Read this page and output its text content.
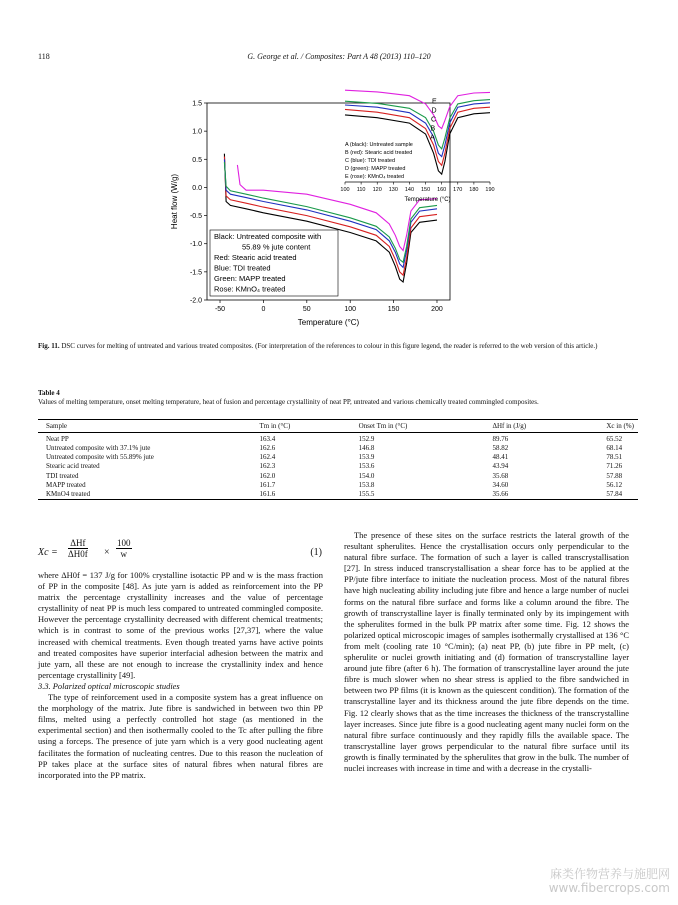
118	G. George et al. / Composites: Part A 48 (2013) 110–120
-50	0	50	100	150	200
-2.0
-1.5
-1.0
-0.5
0.0
0.5
1.0
1.5
Temperature (°C)
Heat flow (W/g)
Black: Untreated composite with
55.89 % jute content
Red: Stearic acid treated
Blue: TDI treated
Green: MAPP treated
Rose: KMnO₄ treated
100 110 120 130 140 150 160 170 180 190
Temperature (°C)
E
D
C
B
A
A (black): Untreated sample
B (red): Stearic acid treated
C (blue): TDI treated
D (green): MAPP treated
E (rose): KMnO₄ treated
Fig. 11. DSC curves for melting of untreated and various treated composites. (For interpretation of the references to colour in this figure legend, the reader is referred to the web version of this article.)
Table 4
Values of melting temperature, onset melting temperature, heat of fusion and percentage crystallinity of neat PP, untreated and various chemically treated commingled composites.
Sample	Tm in (°C)	Onset Tm in (°C)	ΔHf in (J/g)	Xc in (%)
Neat PP	163.4	152.9	89.76	65.52
Untreated composite with 37.1% jute	162.6	146.8	58.82	68.14
Untreated composite with 55.89% jute	162.4	153.9	48.41	78.51
Stearic acid treated	162.3	153.6	43.94	71.26
TDI treated	162.0	154.0	35.68	57.88
MAPP treated	161.7	153.8	34.60	56.12
KMnO4 treated	161.6	155.5	35.66	57.84
Xc =
ΔHf
$\Delta H0f \times \frac{100}{w}$	(1)

where ΔH0f = 137 J/g for 100% crystalline isotactic PP and w is the mass fraction of PP in the composite [48]. As jute yarn is added as reinforcement into the PP matrix the percentage crystallinity increases and the value of percentage crystallinity of neat PP is much less compared to untreated commingled composite. However the percentage crystallinity decreased with different chemical treatments; which is in contrast to some of the previous works [27,37], where the value increased with chemical treatments. Even though treated yarns have active points and treated composites have superior interfacial adhesion between the matrix and jute yarn, all these are not enough to increase the crystallinity index and hence percentage crystallinity [49].

3.3. Polarized optical microscopic studies

The type of reinforcement used in a composite system has a great influence on the morphology of the matrix. Jute fibre is sandwiched in between two thin PP films, melted using a perfectly controlled hot stage (as mentioned in the experimental section) and then isothermally cooled to the Tc after pulling the fibre using a forceps. The presence of jute yarn which is a very good nucleating agent facilitates the formation of nucleating centres. Due to this reason the nucleation of PP takes place at the surface sites of natural fibres when natural fibres are incorporated into the PP matrix.

The presence of these sites on the surface restricts the lateral growth of the resultant spherulites. Hence the crystallisation occurs only perpendicular to the natural fibre surface. The formation of such a layer is called transcrystallisation [27]. In stress induced transcrystallisation a shear force has to be applied at the PP/jute fibre interface to initiate the nucleation process. Most of the natural fibres have high nucleating ability including jute fibre and hence a large number of nuclei forms on the natural fibre surface and forms like a column around the fibre. The growth of transcrystalline layer is finally terminated only by its impingement with the spherulites formed in the bulk PP matrix after some time. Fig. 12 shows the polarized optical microscopic images of samples isothermally crystallised at 136 °C from melt (cooling rate 10 °C/min); (a) neat PP, (b) jute fibre in PP melt, (c) spherulite or nuclei growth initiating and (d) formation of transcrystalline layer around jute fibre (after 6 h). The formation of transcrystalline layer around the jute fibre is much slower when no shear stress is applied to the fibre sandwiched in between two PP films (it is known as the quiescent condition). The formation of the transcrystalline layer and its thickness around the jute fibre depends on the time. Fig. 12 clearly shows that as the time increases the thickness of the transcrystalline layer increases. Since jute fibre is a good nucleating agent many nuclei form on the natural fibre surface continuously and they rapidly fills the available space. The transcrystalline layer grows perpendicular to the natural fibre surface until its growth is finally terminated by the spherulites that grow in the bulk. The number of nuclei increases with increase in time and with a decrease in the crystalli-

麻类作物营养与施肥网
www.fibercrops.com
